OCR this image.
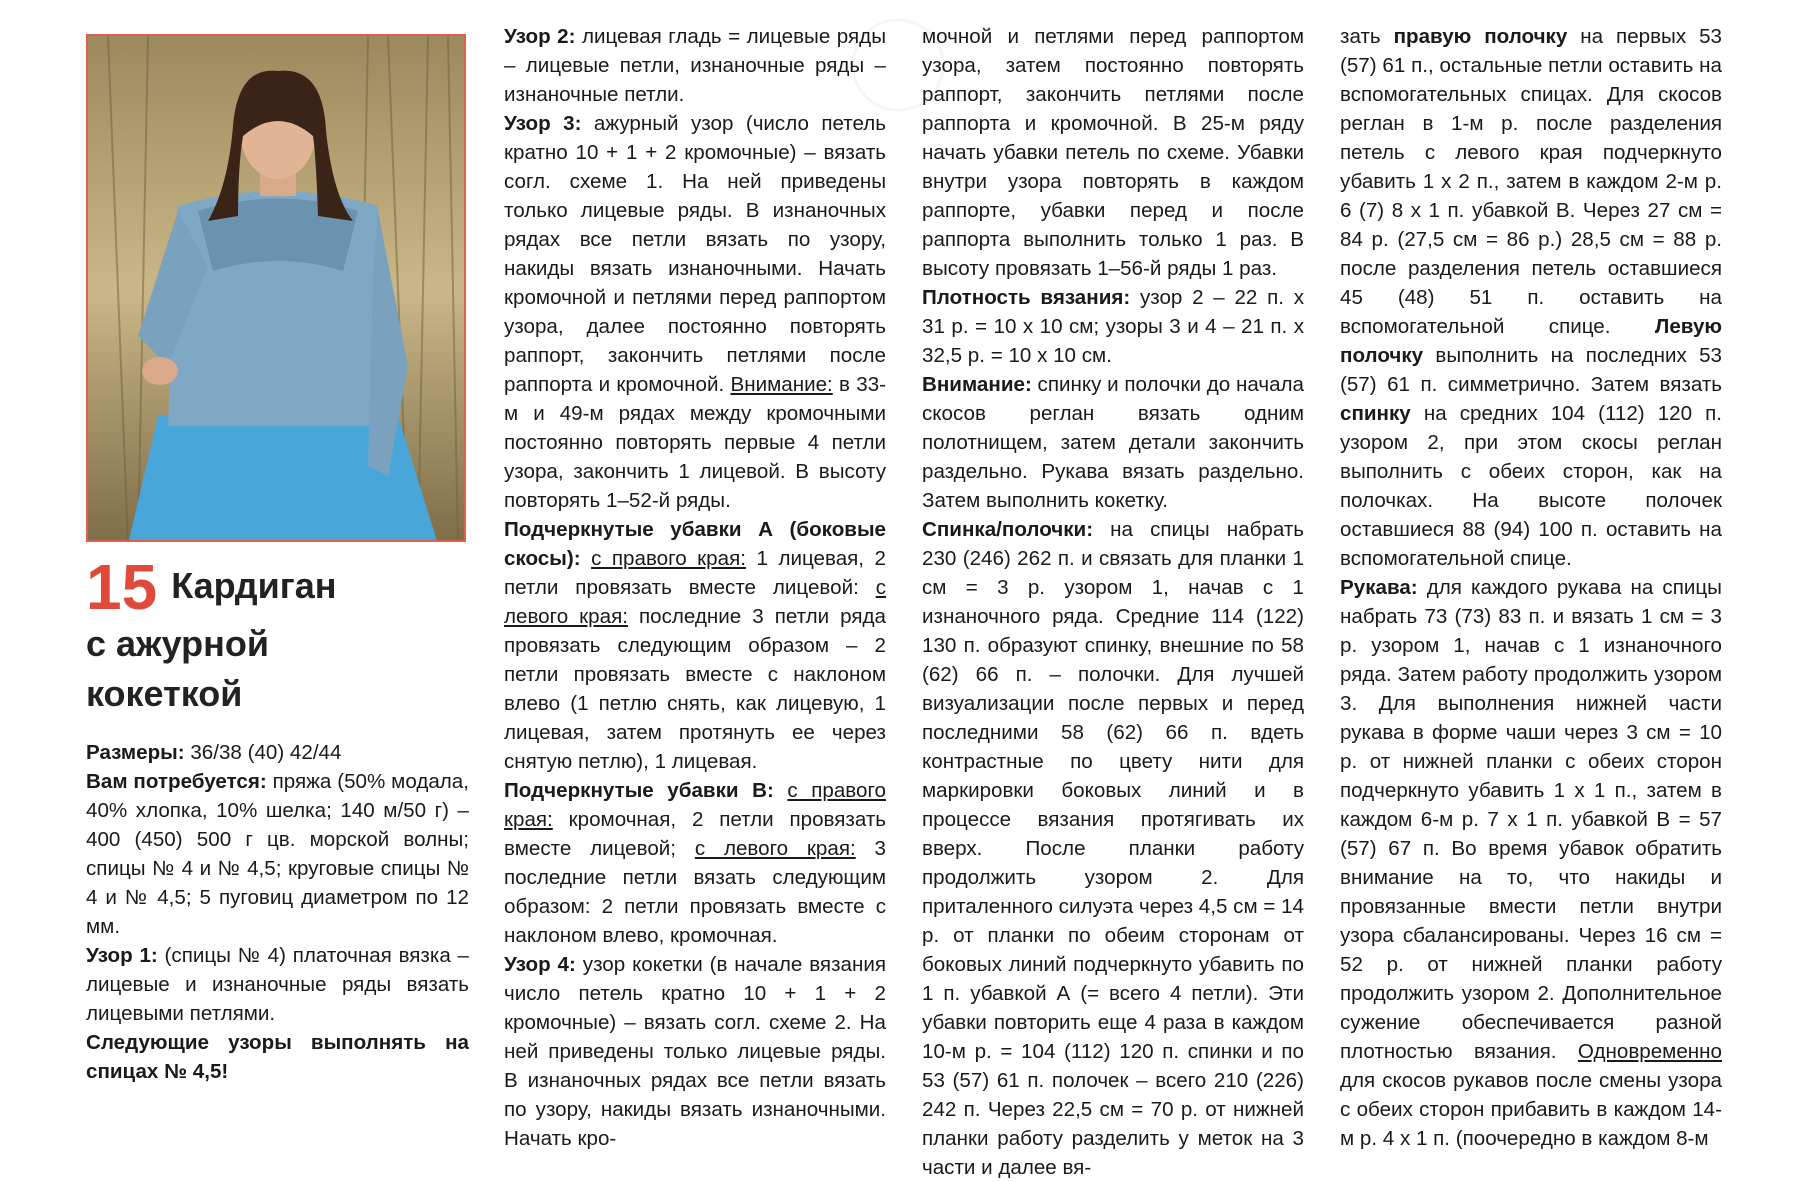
15 Кардиган
с ажурной
кокеткой

Размеры: 36/38 (40) 42/44

Вам потребуется: пряжа (50% модала, 40% хлопка, 10% шелка; 140 м/50 г) – 400 (450) 500 г цв. морской волны; спицы № 4 и № 4,5; круговые спицы № 4 и № 4,5; 5 пуговиц диаметром по 12 мм.

Узор 1: (спицы № 4) платочная вязка – лицевые и изнаночные ряды вязать лицевыми петлями.

Следующие узоры выполнять на спицах № 4,5!

Узор 2: лицевая гладь = лицевые ряды – лицевые петли, изнаночные ряды – изнаночные петли.

Узор 3: ажурный узор (число петель кратно 10 + 1 + 2 кромочные) – вязать согл. схеме 1. На ней приведены только лицевые ряды. В изнаночных рядах все петли вязать по узору, накиды вязать изнаночными. Начать кромочной и петлями перед раппортом узора, далее постоянно повторять раппорт, закончить петлями после раппорта и кромочной. Внимание: в 33-м и 49-м рядах между кромочными постоянно повторять первые 4 петли узора, закончить 1 лицевой. В высоту повторять 1–52-й ряды.

Подчеркнутые убавки А (боковые скосы): с правого края: 1 лицевая, 2 петли провязать вместе лицевой: с левого края: последние 3 петли ряда провязать следующим образом – 2 петли провязать вместе с наклоном влево (1 петлю снять, как лицевую, 1 лицевая, затем протянуть ее через снятую петлю), 1 лицевая.

Подчеркнутые убавки В: с правого края: кромочная, 2 петли провязать вместе лицевой; с левого края: 3 последние петли вязать следующим образом: 2 петли провязать вместе с наклоном влево, кромочная.

Узор 4: узор кокетки (в начале вязания число петель кратно 10 + 1 + 2 кромочные) – вязать согл. схеме 2. На ней приведены только лицевые ряды. В изнаночных рядах все петли вязать по узору, накиды вязать изнаночными. Начать кро-

мочной и петлями перед раппортом узора, затем постоянно повторять раппорт, закончить петлями после раппорта и кромочной. В 25-м ряду начать убавки петель по схеме. Убавки внутри узора повторять в каждом раппорте, убавки перед и после раппорта выполнить только 1 раз. В высоту провязать 1–56-й ряды 1 раз.

Плотность вязания: узор 2 – 22 п. х 31 р. = 10 х 10 см; узоры 3 и 4 – 21 п. х 32,5 р. = 10 х 10 см.

Внимание: спинку и полочки до начала скосов реглан вязать одним полотнищем, затем детали закончить раздельно. Рукава вязать раздельно. Затем выполнить кокетку.

Спинка/полочки: на спицы набрать 230 (246) 262 п. и связать для планки 1 см = 3 р. узором 1, начав с 1 изнаночного ряда. Средние 114 (122) 130 п. образуют спинку, внешние по 58 (62) 66 п. – полочки. Для лучшей визуализации после первых и перед последними 58 (62) 66 п. вдеть контрастные по цвету нити для маркировки боковых линий и в процессе вязания протягивать их вверх. После планки работу продолжить узором 2. Для приталенного силуэта через 4,5 см = 14 р. от планки по обеим сторонам от боковых линий подчеркнуто убавить по 1 п. убавкой А (= всего 4 петли). Эти убавки повторить еще 4 раза в каждом 10-м р. = 104 (112) 120 п. спинки и по 53 (57) 61 п. полочек – всего 210 (226) 242 п. Через 22,5 см = 70 р. от нижней планки работу разделить у меток на 3 части и далее вя-

зать правую полочку на первых 53 (57) 61 п., остальные петли оставить на вспомогательных спицах. Для скосов реглан в 1-м р. после разделения петель с левого края подчеркнуто убавить 1 х 2 п., затем в каждом 2-м р. 6 (7) 8 х 1 п. убавкой В. Через 27 см = 84 р. (27,5 см = 86 р.) 28,5 см = 88 р. после разделения петель оставшиеся 45 (48) 51 п. оставить на вспомогательной спице. Левую полочку выполнить на последних 53 (57) 61 п. симметрично. Затем вязать спинку на средних 104 (112) 120 п. узором 2, при этом скосы реглан выполнить с обеих сторон, как на полочках. На высоте полочек оставшиеся 88 (94) 100 п. оставить на вспомогательной спице.

Рукава: для каждого рукава на спицы набрать 73 (73) 83 п. и вязать 1 см = 3 р. узором 1, начав с 1 изнаночного ряда. Затем работу продолжить узором 3. Для выполнения нижней части рукава в форме чаши через 3 см = 10 р. от нижней планки с обеих сторон подчеркнуто убавить 1 х 1 п., затем в каждом 6-м р. 7 х 1 п. убавкой В = 57 (57) 67 п. Во время убавок обратить внимание на то, что накиды и провязанные вмести петли внутри узора сбалансированы. Через 16 см = 52 р. от нижней планки работу продолжить узором 2. Дополнительное сужение обеспечивается разной плотностью вязания. Одновременно для скосов рукавов после смены узора с обеих сторон прибавить в каждом 14-м р. 4 х 1 п. (поочередно в каждом 8-м
